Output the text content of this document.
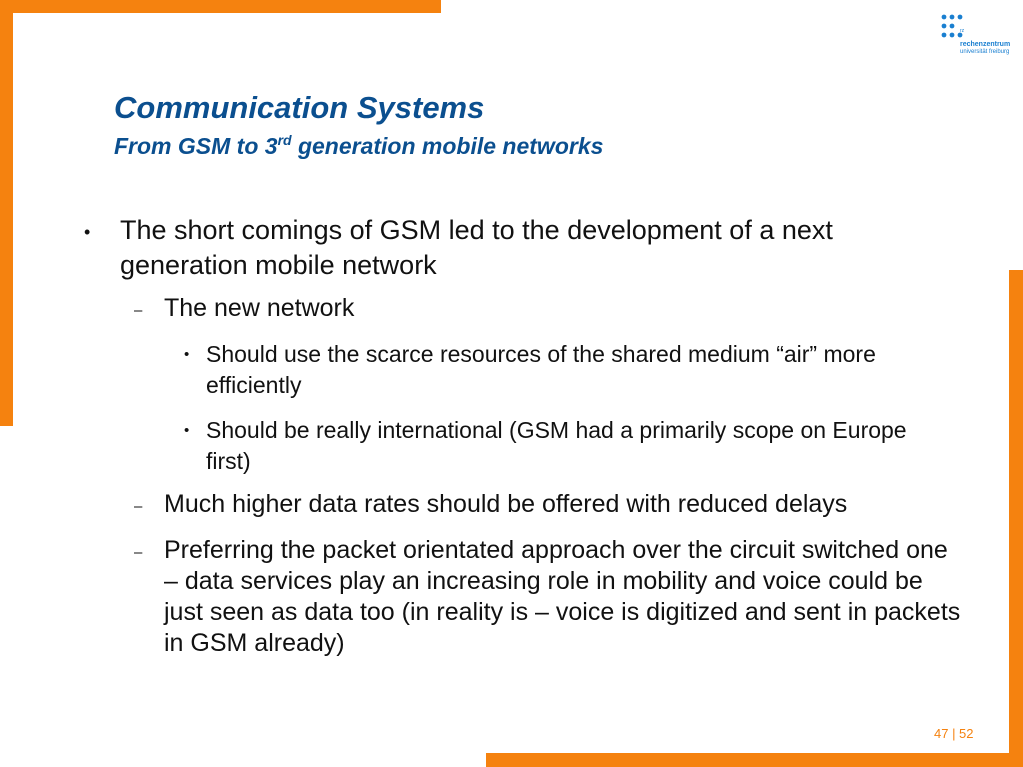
rz
rechenzentrum
universität freiburg
Communication Systems
From GSM to 3rd generation mobile networks
• The short comings of GSM led to the development of a next generation mobile network

– The new network

• Should use the scarce resources of the shared medium “air” more efficiently

• Should be really international (GSM had a primarily scope on Europe first)

– Much higher data rates should be offered with reduced delays

– Preferring the packet orientated approach over the circuit switched one – data services play an increasing role in mobility and voice could be just seen as data too (in reality is – voice is digitized and sent in packets in GSM already)

47 | 52
